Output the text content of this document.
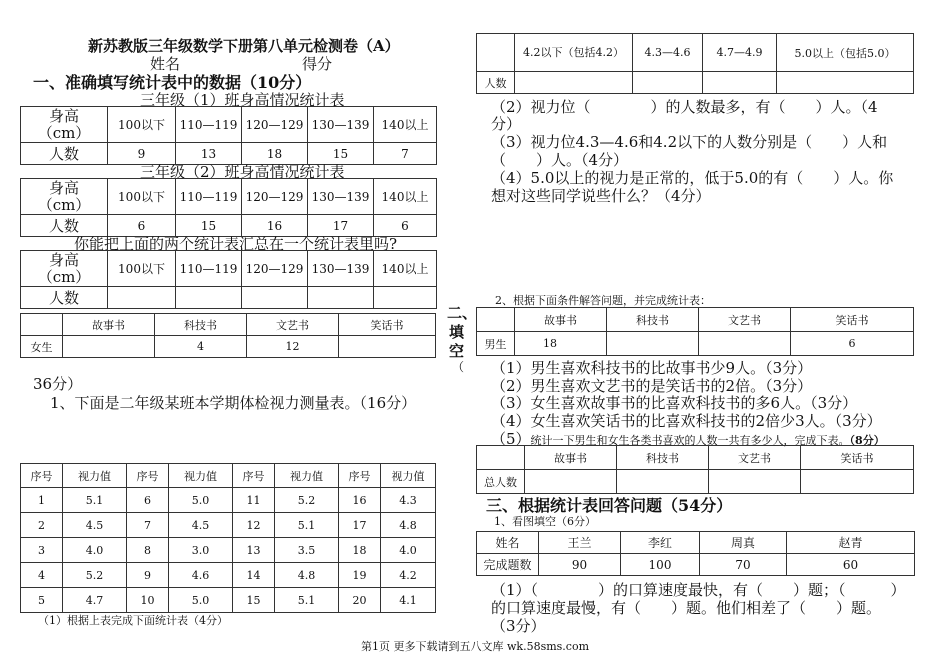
新苏教版三年级数学下册第八单元检测卷（A）
姓名	得分
一、准确填写统计表中的数据（10分）
三年级（1）班身高情况统计表
身高
（cm）	100以下	110—119	120—129	130—139	140以上
人数	9	13	18	15	7
三年级（2）班身高情况统计表
身高
（cm）	100以下	110—119	120—129	130—139	140以上
人数	6	15	16	17	6
你能把上面的两个统计表汇总在一个统计表里吗?
身高
（cm）	100以下	110—119	120—129	130—139	140以上
人数					
	故事书	科技书	文艺书	笑话书
女生		4	12	
二、
填
空
（
36分）
1、下面是二年级某班本学期体检视力测量表。（16分）
序号	视力值	序号	视力值	序号	视力值	序号	视力值
1	5.1	6	5.0	11	5.2	16	4.3
2	4.5	7	4.5	12	5.1	17	4.8
3	4.0	8	3.0	13	3.5	18	4.0
4	5.2	9	4.6	14	4.8	19	4.2
5	4.7	10	5.0	15	5.1	20	4.1
（1）根据上表完成下面统计表（4分）
	4.2以下（包括4.2）	4.3—4.6	4.7—4.9	5.0以上（包括5.0）
人数				
（2）视力位（　　　　）的人数最多，有（　　）人。（4
分）
（3）视力位4.3—4.6和4.2以下的人数分别是（　　）人和
（　　）人。（4分）
（4）5.0以上的视力是正常的，低于5.0的有（　　）人。你
想对这些同学说些什么？（4分）
2、根据下面条件解答问题，并完成统计表：
	故事书	科技书	文艺书	笑话书
男生	18			6
（1）男生喜欢科技书的比故事书少9人。（3分）
（2）男生喜欢文艺书的是笑话书的2倍。（3分）
（3）女生喜欢故事书的比喜欢科技书的多6人。（3分）
（4）女生喜欢笑话书的比喜欢科技书的2倍少3人。（3分）
（5）统计一下男生和女生各类书喜欢的人数一共有多少人，完成下表。（8分）
	故事书	科技书	文艺书	笑话书
总人数				
三、根据统计表回答问题（54分）
1、看图填空（6分）
姓名	王兰	李红	周真	赵青
完成题数	90	100	70	60
（1）（　　　　）的口算速度最快，有（　　）题；（　　　）
的口算速度最慢，有（　　）题。他们相差了（　　）题。
（3分）
第1页 更多下载请到五八文库 wk.58sms.com
